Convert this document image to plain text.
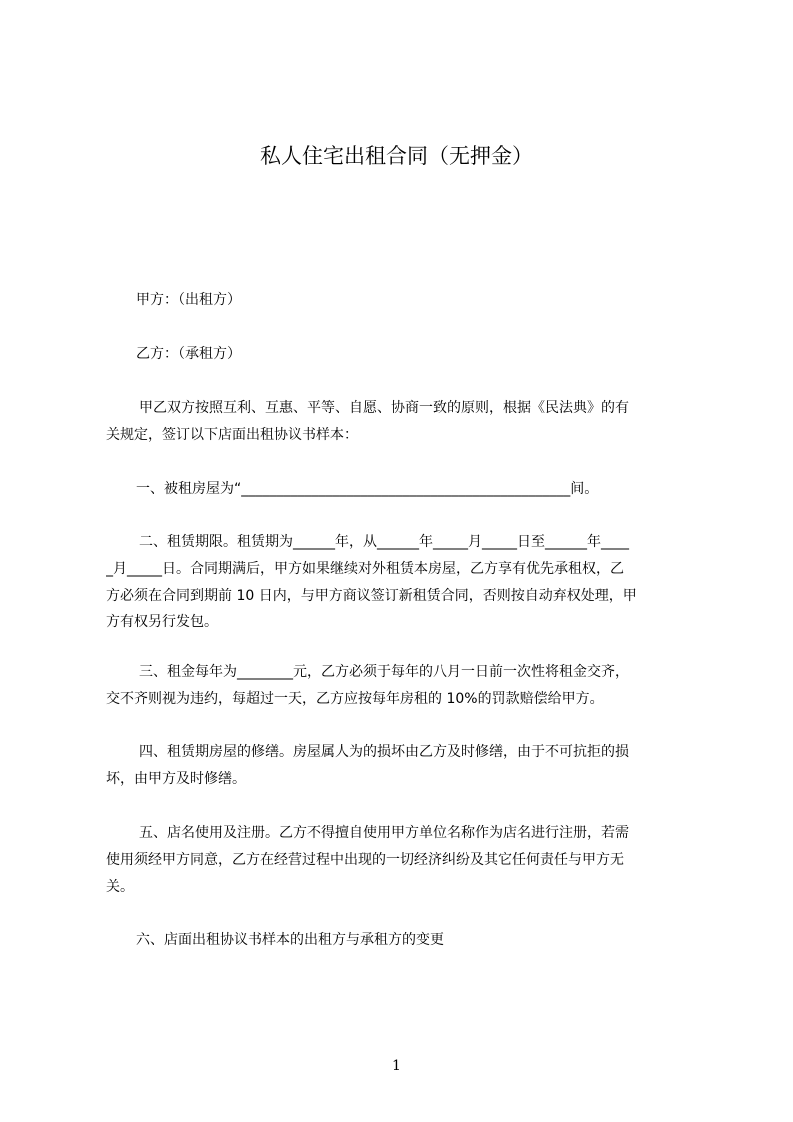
私人住宅出租合同（无押金）
甲方：（出租方）
乙方：（承租方）
甲乙双方按照互利、互惠、平等、自愿、协商一致的原则，根据《民法典》的有
关规定，签订以下店面出租协议书样本：
一、被租房屋为“_______________________________________________间。
二、租赁期限。租赁期为______年，从______年_____月_____日至______年____
_月_____日。合同期满后，甲方如果继续对外租赁本房屋，乙方享有优先承租权，乙
方必须在合同到期前 10 日内，与甲方商议签订新租赁合同，否则按自动弃权处理，甲
方有权另行发包。
三、租金每年为________元，乙方必须于每年的八月一日前一次性将租金交齐，
交不齐则视为违约，每超过一天，乙方应按每年房租的 10%的罚款赔偿给甲方。
四、租赁期房屋的修缮。房屋属人为的损坏由乙方及时修缮，由于不可抗拒的损
坏，由甲方及时修缮。
五、店名使用及注册。乙方不得擅自使用甲方单位名称作为店名进行注册，若需
使用须经甲方同意，乙方在经营过程中出现的一切经济纠纷及其它任何责任与甲方无
关。
六、店面出租协议书样本的出租方与承租方的变更
1
